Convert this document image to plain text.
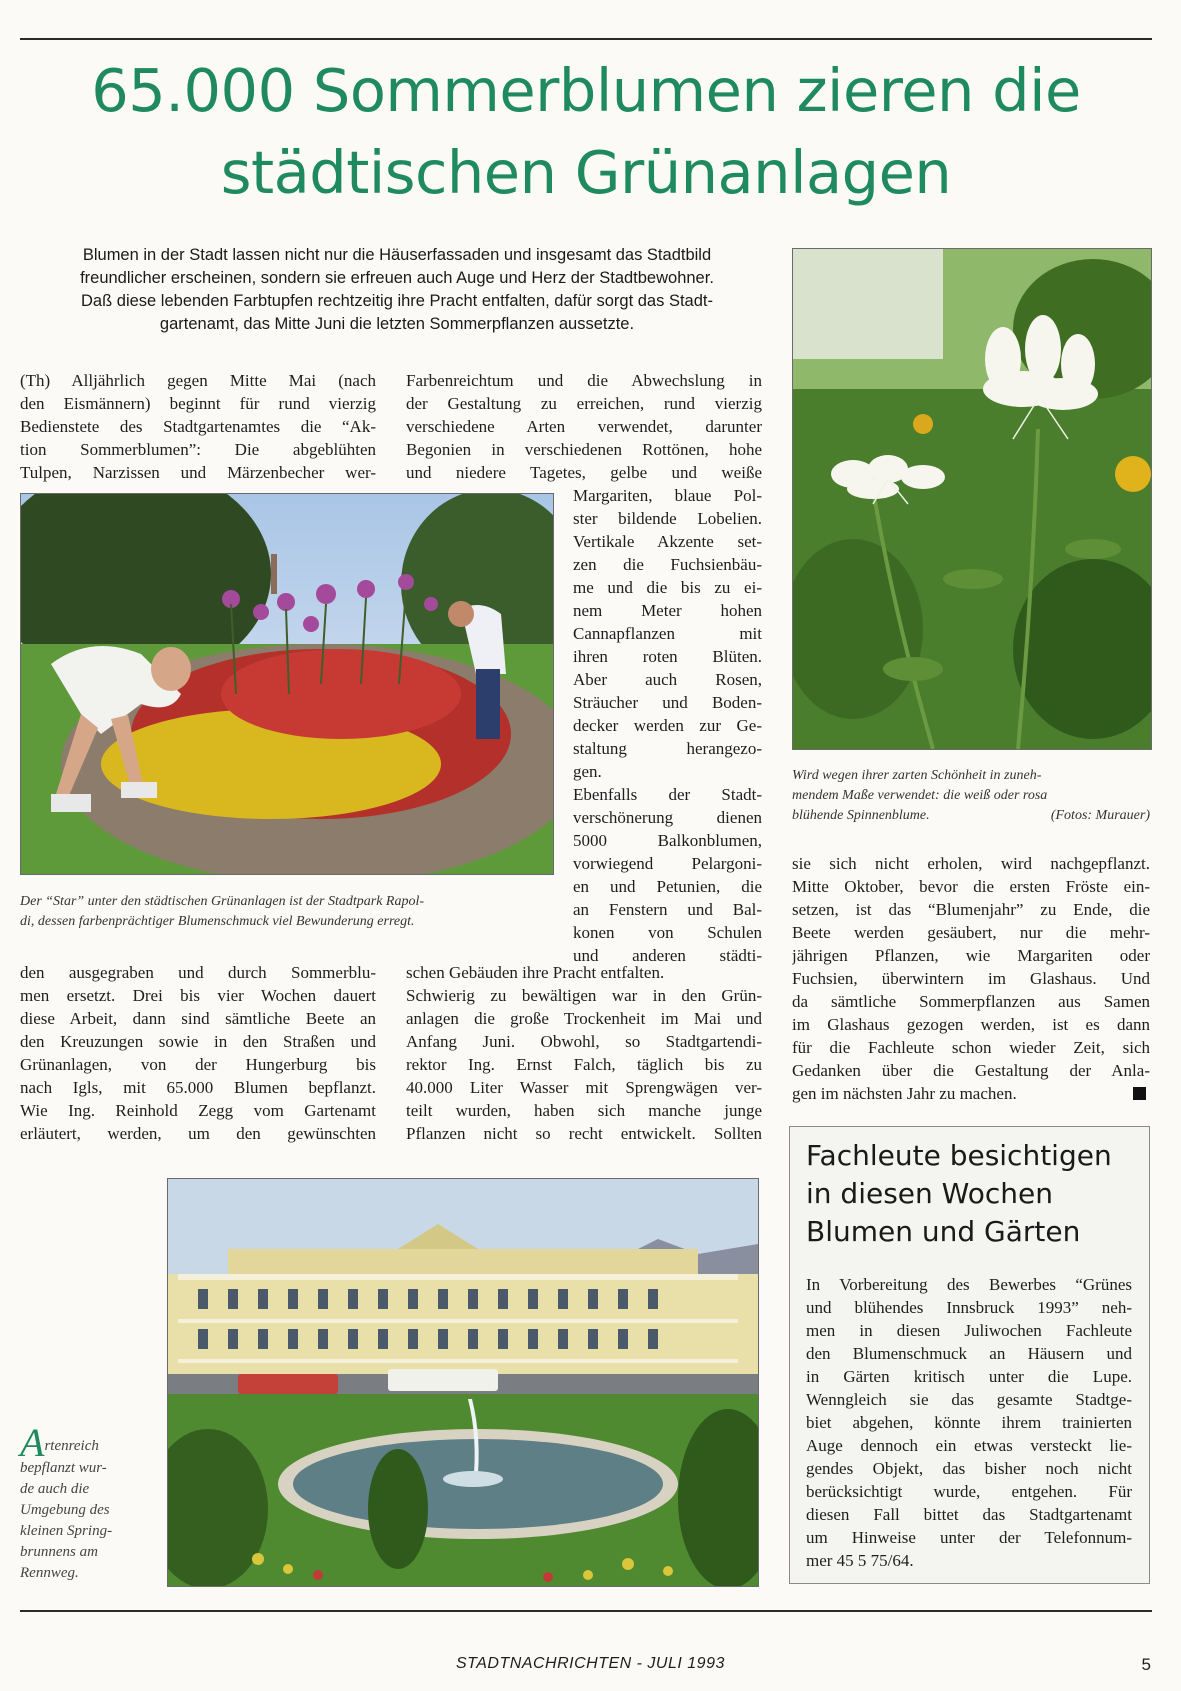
65.000 Sommerblumen zieren die
städtischen Grünanlagen
Blumen in der Stadt lassen nicht nur die Häuserfassaden und insgesamt das Stadtbild
freundlicher erscheinen, sondern sie erfreuen auch Auge und Herz der Stadtbewohner.
Daß diese lebenden Farbtupfen rechtzeitig ihre Pracht entfalten, dafür sorgt das Stadt-
gartenamt, das Mitte Juni die letzten Sommerpflanzen aussetzte.
(Th) Alljährlich gegen Mitte Mai (nach
den Eismännern) beginnt für rund vierzig
Bedienstete des Stadtgartenamtes die “Ak-
tion Sommerblumen”: Die abgeblühten
Tulpen, Narzissen und Märzenbecher wer-
Farbenreichtum und die Abwechslung in
der Gestaltung zu erreichen, rund vierzig
verschiedene Arten verwendet, darunter
Begonien in verschiedenen Rottönen, hohe
und niedere Tagetes, gelbe und weiße
Margariten, blaue Pol-
ster bildende Lobelien.
Vertikale Akzente set-
zen die Fuchsienbäu-
me und die bis zu ei-
nem Meter hohen
Cannapflanzen mit
ihren roten Blüten.
Aber auch Rosen,
Sträucher und Boden-
decker werden zur Ge-
staltung herangezo-
gen.
Ebenfalls der Stadt-
verschönerung dienen
5000 Balkonblumen,
vorwiegend Pelargoni-
en und Petunien, die
an Fenstern und Bal-
konen von Schulen
und anderen städti-
Der “Star” unter den städtischen Grünanlagen ist der Stadtpark Rapol-
di, dessen farbenprächtiger Blumenschmuck viel Bewunderung erregt.
den ausgegraben und durch Sommerblu-
men ersetzt. Drei bis vier Wochen dauert
diese Arbeit, dann sind sämtliche Beete an
den Kreuzungen sowie in den Straßen und
Grünanlagen, von der Hungerburg bis
nach Igls, mit 65.000 Blumen bepflanzt.
Wie Ing. Reinhold Zegg vom Gartenamt
erläutert, werden, um den gewünschten
schen Gebäuden ihre Pracht entfalten.
Schwierig zu bewältigen war in den Grün-
anlagen die große Trockenheit im Mai und
Anfang Juni. Obwohl, so Stadtgartendi-
rektor Ing. Ernst Falch, täglich bis zu
40.000 Liter Wasser mit Sprengwägen ver-
teilt wurden, haben sich manche junge
Pflanzen nicht so recht entwickelt. Sollten
Wird wegen ihrer zarten Schönheit in zuneh-
mendem Maße verwendet: die weiß oder rosa
blühende Spinnenblume.	(Fotos: Murauer)
sie sich nicht erholen, wird nachgepflanzt.
Mitte Oktober, bevor die ersten Fröste ein-
setzen, ist das “Blumenjahr” zu Ende, die
Beete werden gesäubert, nur die mehr-
jährigen Pflanzen, wie Margariten oder
Fuchsien, überwintern im Glashaus. Und
da sämtliche Sommerpflanzen aus Samen
im Glashaus gezogen werden, ist es dann
für die Fachleute schon wieder Zeit, sich
Gedanken über die Gestaltung der Anla-
gen im nächsten Jahr zu machen.
Artenreich
bepflanzt wur-
de auch die
Umgebung des
kleinen Spring-
brunnens am
Rennweg.
Fachleute besichtigen
in diesen Wochen
Blumen und Gärten
In Vorbereitung des Bewerbes “Grünes
und blühendes Innsbruck 1993” neh-
men in diesen Juliwochen Fachleute
den Blumenschmuck an Häusern und
in Gärten kritisch unter die Lupe.
Wenngleich sie das gesamte Stadtge-
biet abgehen, könnte ihrem trainierten
Auge dennoch ein etwas versteckt lie-
gendes Objekt, das bisher noch nicht
berücksichtigt wurde, entgehen. Für
diesen Fall bittet das Stadtgartenamt
um Hinweise unter der Telefonnum-
mer 45 5 75/64.
STADTNACHRICHTEN - JULI 1993	5
